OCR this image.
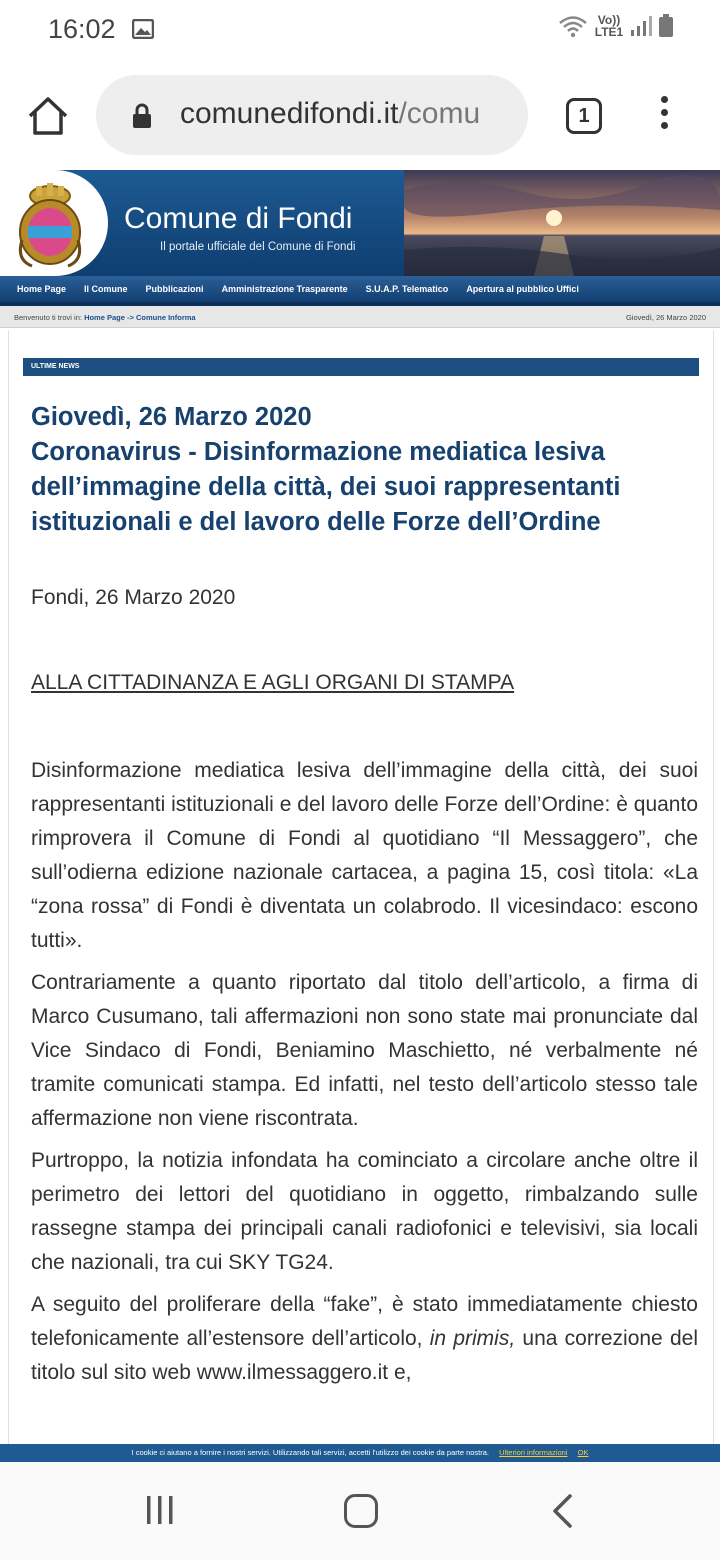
16:02	Vo)) LTE1
comunedifondi.it/comu	1
Comune di Fondi
Il portale ufficiale del Comune di Fondi
Home Page	Il Comune	Pubblicazioni	Amministrazione Trasparente	S.U.A.P. Telematico	Apertura al pubblico Uffici
Benvenuto ti trovi in: Home Page -> Comune Informa	Giovedì, 26 Marzo 2020
ULTIME NEWS
Giovedì, 26 Marzo 2020
Coronavirus - Disinformazione mediatica lesiva dell’immagine della città, dei suoi rappresentanti istituzionali e del lavoro delle Forze dell’Ordine
Fondi, 26 Marzo 2020
ALLA CITTADINANZA E AGLI ORGANI DI STAMPA

Disinformazione mediatica lesiva dell’immagine della città, dei suoi rappresentanti istituzionali e del lavoro delle Forze dell’Ordine: è quanto rimprovera il Comune di Fondi al quotidiano “Il Messaggero”, che sull’odierna edizione nazionale cartacea, a pagina 15, così titola: «La “zona rossa” di Fondi è diventata un colabrodo. Il vicesindaco: escono tutti».

Contrariamente a quanto riportato dal titolo dell’articolo, a firma di Marco Cusumano, tali affermazioni non sono state mai pronunciate dal Vice Sindaco di Fondi, Beniamino Maschietto, né verbalmente né tramite comunicati stampa. Ed infatti, nel testo dell’articolo stesso tale affermazione non viene riscontrata.

Purtroppo, la notizia infondata ha cominciato a circolare anche oltre il perimetro dei lettori del quotidiano in oggetto, rimbalzando sulle rassegne stampa dei principali canali radiofonici e televisivi, sia locali che nazionali, tra cui SKY TG24.

A seguito del proliferare della “fake”, è stato immediatamente chiesto telefonicamente all’estensore dell’articolo, in primis, una correzione del titolo sul sito web www.ilmessaggero.it e,

I cookie ci aiutano a fornire i nostri servizi. Utilizzando tali servizi, accetti l'utilizzo dei cookie da parte nostra. Ulteriori informazioni OK
